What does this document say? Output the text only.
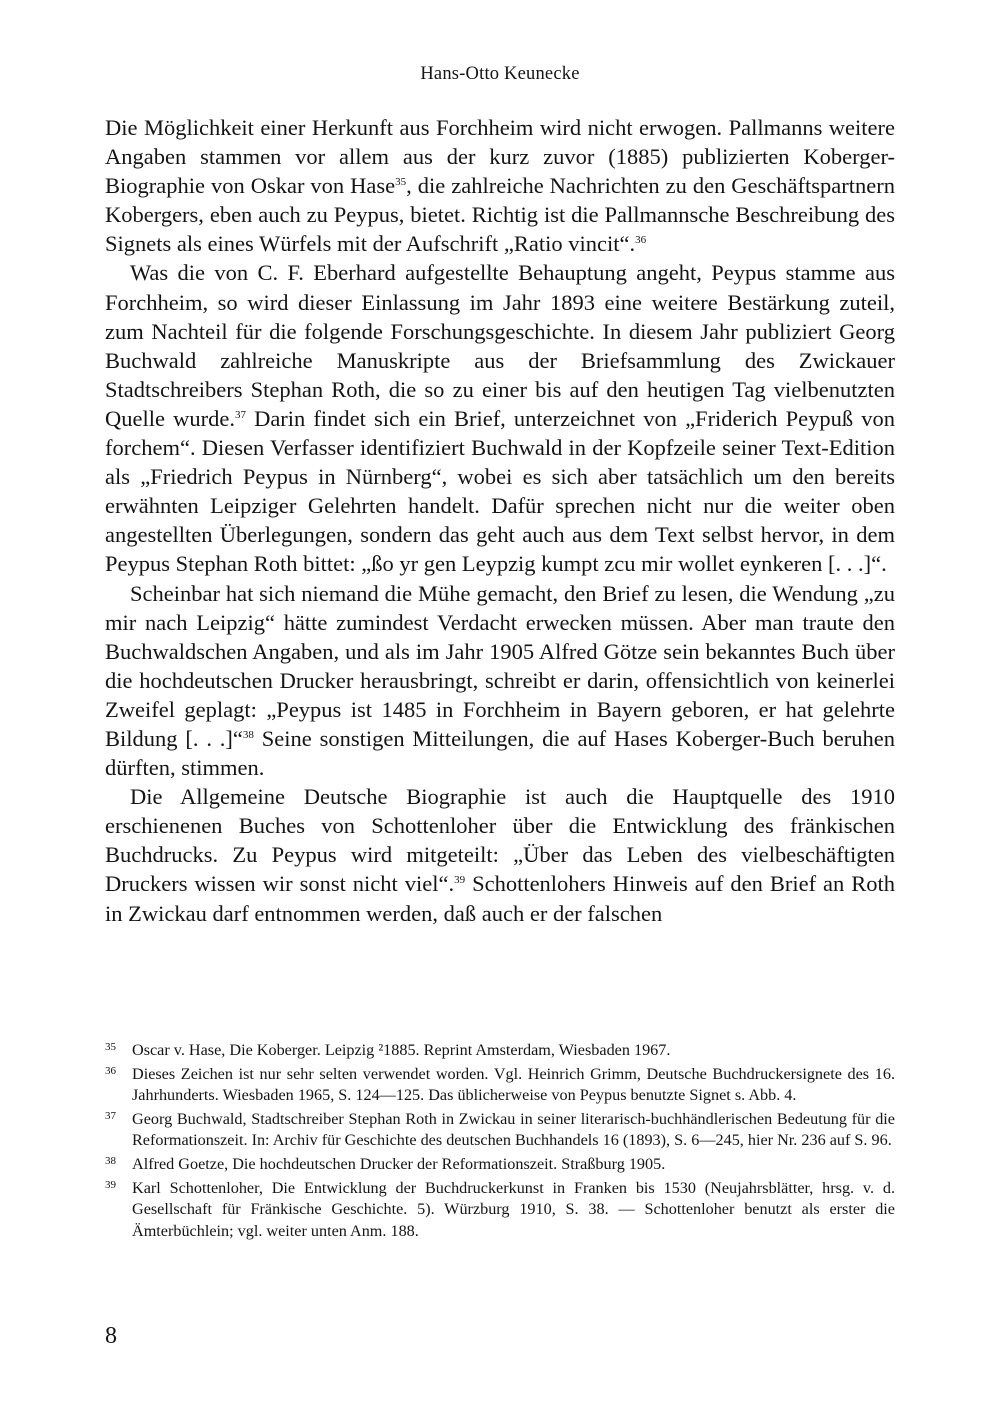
Hans-Otto Keunecke

Die Möglichkeit einer Herkunft aus Forchheim wird nicht erwogen. Pallmanns weitere Angaben stammen vor allem aus der kurz zuvor (1885) publizierten Koberger-Biographie von Oskar von Hase$^{35}$, die zahlreiche Nachrichten zu den Geschäftspartnern Kobergers, eben auch zu Peypus, bietet. Richtig ist die Pallmannsche Beschreibung des Signets als eines Würfels mit der Aufschrift „Ratio vincit“.$^{36}$

Was die von C. F. Eberhard aufgestellte Behauptung angeht, Peypus stamme aus Forchheim, so wird dieser Einlassung im Jahr 1893 eine weitere Bestärkung zuteil, zum Nachteil für die folgende Forschungsgeschichte. In diesem Jahr publiziert Georg Buchwald zahlreiche Manuskripte aus der Briefsammlung des Zwickauer Stadtschreibers Stephan Roth, die so zu einer bis auf den heutigen Tag vielbenutzten Quelle wurde.$^{37}$ Darin findet sich ein Brief, unterzeichnet von „Friderich Peypuß von forchem“. Diesen Verfasser identifiziert Buchwald in der Kopfzeile seiner Text-Edition als „Friedrich Peypus in Nürnberg“, wobei es sich aber tatsächlich um den bereits erwähnten Leipziger Gelehrten handelt. Dafür sprechen nicht nur die weiter oben angestellten Überlegungen, sondern das geht auch aus dem Text selbst hervor, in dem Peypus Stephan Roth bittet: „ßo yr gen Leypzig kumpt zcu mir wollet eynkeren [. . .]“.

Scheinbar hat sich niemand die Mühe gemacht, den Brief zu lesen, die Wendung „zu mir nach Leipzig“ hätte zumindest Verdacht erwecken müssen. Aber man traute den Buchwaldschen Angaben, und als im Jahr 1905 Alfred Götze sein bekanntes Buch über die hochdeutschen Drucker herausbringt, schreibt er darin, offensichtlich von keinerlei Zweifel geplagt: „Peypus ist 1485 in Forchheim in Bayern geboren, er hat gelehrte Bildung [. . .]“$^{38}$ Seine sonstigen Mitteilungen, die auf Hases Koberger-Buch beruhen dürften, stimmen.

Die Allgemeine Deutsche Biographie ist auch die Hauptquelle des 1910 erschienenen Buches von Schottenloher über die Entwicklung des fränkischen Buchdrucks. Zu Peypus wird mitgeteilt: „Über das Leben des vielbeschäftigten Druckers wissen wir sonst nicht viel“.$^{39}$ Schottenlohers Hinweis auf den Brief an Roth in Zwickau darf entnommen werden, daß auch er der falschen

35 Oscar v. Hase, Die Koberger. Leipzig ²1885. Reprint Amsterdam, Wiesbaden 1967.

36 Dieses Zeichen ist nur sehr selten verwendet worden. Vgl. Heinrich Grimm, Deutsche Buchdruckersignete des 16. Jahrhunderts. Wiesbaden 1965, S. 124—125. Das üblicherweise von Peypus benutzte Signet s. Abb. 4.

37 Georg Buchwald, Stadtschreiber Stephan Roth in Zwickau in seiner literarisch-buchhändlerischen Bedeutung für die Reformationszeit. In: Archiv für Geschichte des deutschen Buchhandels 16 (1893), S. 6—245, hier Nr. 236 auf S. 96.

38 Alfred Goetze, Die hochdeutschen Drucker der Reformationszeit. Straßburg 1905.

39 Karl Schottenloher, Die Entwicklung der Buchdruckerkunst in Franken bis 1530 (Neujahrsblätter, hrsg. v. d. Gesellschaft für Fränkische Geschichte. 5). Würzburg 1910, S. 38. — Schottenloher benutzt als erster die Ämterbüchlein; vgl. weiter unten Anm. 188.

8
